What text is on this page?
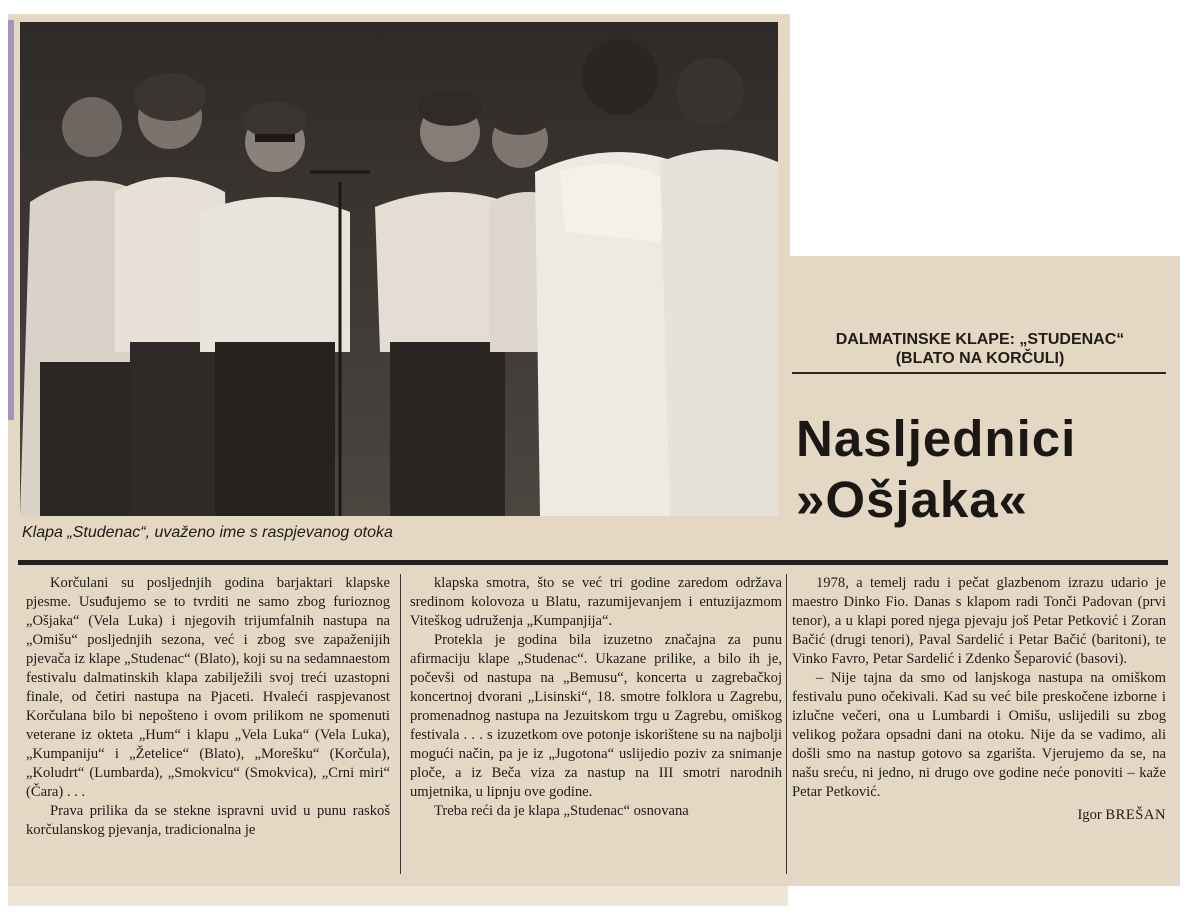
Klapa „Studenac“, uvaženo ime s raspjevanog otoka
DALMATINSKE KLAPE: „STUDENAC“
(BLATO NA KORČULI)
Nasljednici
»Ošjaka«

Korčulani su posljednjih godina barjaktari klapske pjesme. Usuđujemo se to tvrditi ne samo zbog furioznog „Ošjaka“ (Vela Luka) i njegovih trijumfalnih nastupa na „Omišu“ posljednjih sezona, već i zbog sve zapaženijih pjevača iz klape „Studenac“ (Blato), koji su na sedamnaestom festivalu dalmatinskih klapa zabilježili svoj treći uzastopni finale, od četiri nastupa na Pjaceti. Hvaleći raspjevanost Korčulana bilo bi nepošteno i ovom prilikom ne spomenuti veterane iz okteta „Hum“ i klapu „Vela Luka“ (Vela Luka), „Kumpaniju“ i „Žetelice“ (Blato), „Morešku“ (Korčula), „Koludrt“ (Lumbarda), „Smokvicu“ (Smokvica), „Crni miri“ (Čara) . . .

Prava prilika da se stekne ispravni uvid u punu raskoš korčulanskog pjevanja, tradicionalna je

klapska smotra, što se već tri godine zaredom održava sredinom kolovoza u Blatu, razumijevanjem i entuzijazmom Viteškog udruženja „Kumpanjija“.

Protekla je godina bila izuzetno značajna za punu afirmaciju klape „Studenac“. Ukazane prilike, a bilo ih je, počevši od nastupa na „Bemusu“, koncerta u zagrebačkoj koncertnoj dvorani „Lisinski“, 18. smotre folklora u Zagrebu, promenadnog nastupa na Jezuitskom trgu u Zagrebu, omiškog festivala . . . s izuzetkom ove potonje iskorištene su na najbolji mogući način, pa je iz „Jugotona“ uslijedio poziv za snimanje ploče, a iz Beča viza za nastup na III smotri narodnih umjetnika, u lipnju ove godine.

Treba reći da je klapa „Studenac“ osnovana

1978, a temelj radu i pečat glazbenom izrazu udario je maestro Dinko Fio. Danas s klapom radi Tonči Padovan (prvi tenor), a u klapi pored njega pjevaju još Petar Petković i Zoran Bačić (drugi tenori), Paval Sardelić i Petar Bačić (baritoni), te Vinko Favro, Petar Sardelić i Zdenko Šeparović (basovi).

– Nije tajna da smo od lanjskoga nastupa na omiškom festivalu puno očekivali. Kad su već bile preskočene izborne i izlučne večeri, ona u Lumbardi i Omišu, uslijedili su zbog velikog požara opsadni dani na otoku. Nije da se vadimo, ali došli smo na nastup gotovo sa zgarišta. Vjerujemo da se, na našu sreću, ni jedno, ni drugo ove godine neće ponoviti – kaže Petar Petković.

Igor BREŠAN
